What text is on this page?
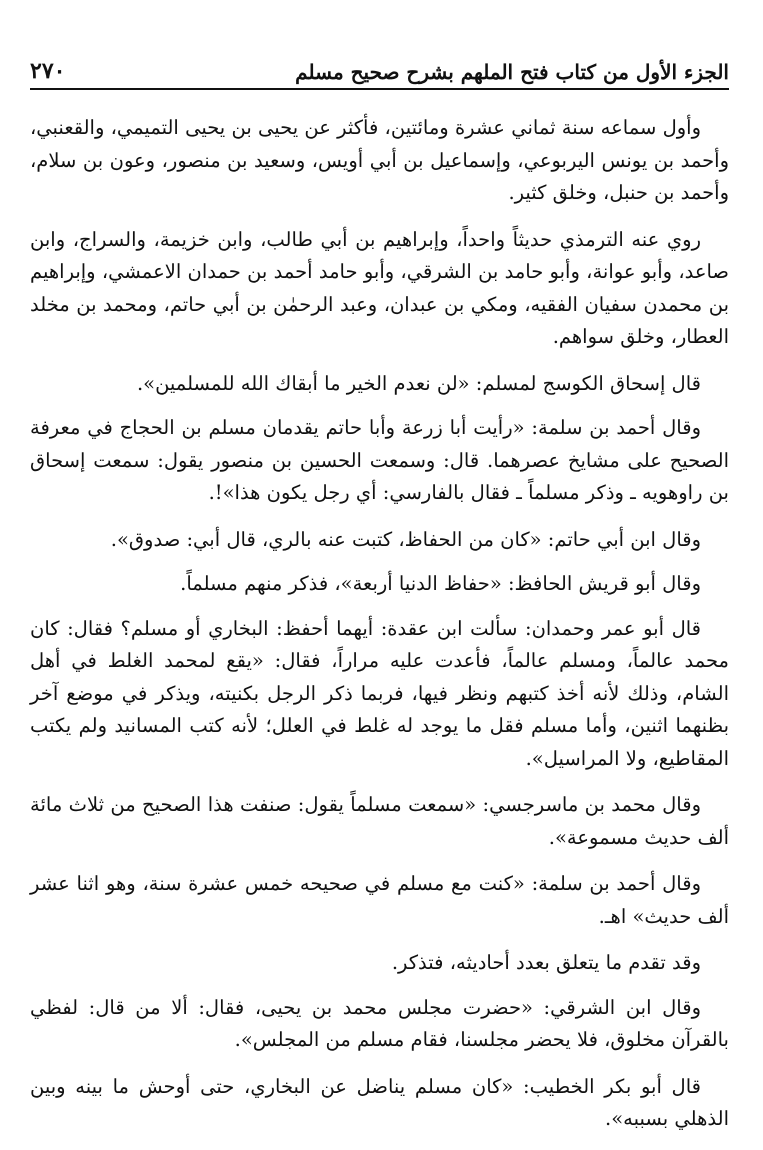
٢٧٠	الجزء الأول من كتاب فتح الملهم بشرح صحيح مسلم

وأول سماعه سنة ثماني عشرة ومائتين، فأكثر عن يحيى بن يحيى التميمي، والقعنبي، وأحمد بن يونس اليربوعي، وإسماعيل بن أبي أويس، وسعيد بن منصور، وعون بن سلام، وأحمد بن حنبل، وخلق كثير.

روي عنه الترمذي حديثاً واحداً، وإبراهيم بن أبي طالب، وابن خزيمة، والسراج، وابن صاعد، وأبو عوانة، وأبو حامد بن الشرقي، وأبو حامد أحمد بن حمدان الاعمشي، وإبراهيم بن محمدن سفيان الفقيه، ومكي بن عبدان، وعبد الرحمٰن بن أبي حاتم، ومحمد بن مخلد العطار، وخلق سواهم.

قال إسحاق الكوسج لمسلم: «لن نعدم الخير ما أبقاك الله للمسلمين».

وقال أحمد بن سلمة: «رأيت أبا زرعة وأبا حاتم يقدمان مسلم بن الحجاج في معرفة الصحيح على مشايخ عصرهما. قال: وسمعت الحسين بن منصور يقول: سمعت إسحاق بن راوهويه ـ وذكر مسلماً ـ فقال بالفارسي: أي رجل يكون هذا»!.

وقال ابن أبي حاتم: «كان من الحفاظ، كتبت عنه بالري، قال أبي: صدوق».

وقال أبو قريش الحافظ: «حفاظ الدنيا أربعة»، فذكر منهم مسلماً.

قال أبو عمر وحمدان: سألت ابن عقدة: أيهما أحفظ: البخاري أو مسلم؟ فقال: كان محمد عالماً، ومسلم عالماً، فأعدت عليه مراراً، فقال: «يقع لمحمد الغلط في أهل الشام، وذلك لأنه أخذ كتبهم ونظر فيها، فربما ذكر الرجل بكنيته، ويذكر في موضع آخر بظنهما اثنين، وأما مسلم فقل ما يوجد له غلط في العلل؛ لأنه كتب المسانيد ولم يكتب المقاطيع، ولا المراسيل».

وقال محمد بن ماسرجسي: «سمعت مسلماً يقول: صنفت هذا الصحيح من ثلاث مائة ألف حديث مسموعة».

وقال أحمد بن سلمة: «كنت مع مسلم في صحيحه خمس عشرة سنة، وهو اثنا عشر ألف حديث» اهـ.

وقد تقدم ما يتعلق بعدد أحاديثه، فتذكر.

وقال ابن الشرقي: «حضرت مجلس محمد بن يحيى، فقال: ألا من قال: لفظي بالقرآن مخلوق، فلا يحضر مجلسنا، فقام مسلم من المجلس».

قال أبو بكر الخطيب: «كان مسلم يناضل عن البخاري، حتى أوحش ما بينه وبين الذهلي بسببه».
